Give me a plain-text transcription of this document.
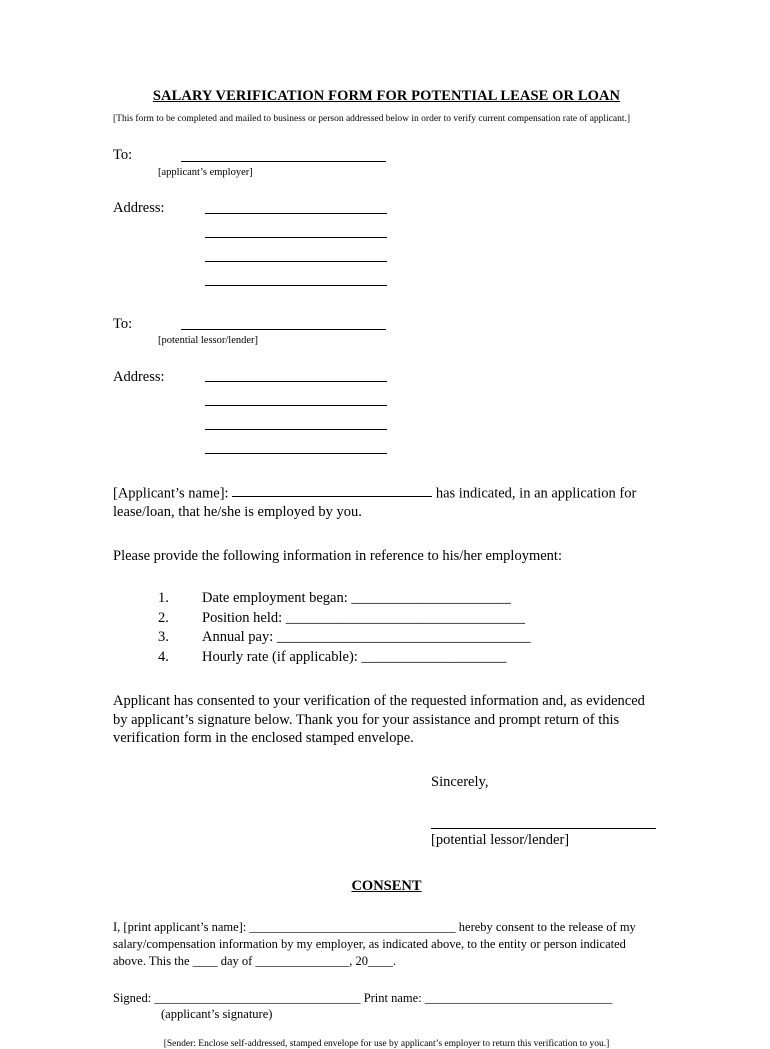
SALARY VERIFICATION FORM FOR POTENTIAL LEASE OR LOAN

[This form to be completed and mailed to business or person addressed below in order to verify current compensation rate of applicant.]

To:
[applicant’s employer]
Address:
To:
[potential lessor/lender]
Address:

[Applicant’s name]:	has indicated, in an application for lease/loan, that he/she is employed by you.

Please provide the following information in reference to his/her employment:

1.	Date employment began: ______________________
2.	Position held: _________________________________
3.	Annual pay: ___________________________________
4.	Hourly rate (if applicable): ____________________

Applicant has consented to your verification of the requested information and, as evidenced by applicant’s signature below. Thank you for your assistance and prompt return of this verification form in the enclosed stamped envelope.

Sincerely,

[potential lessor/lender]
CONSENT

I, [print applicant’s name]: _________________________________ hereby consent to the release of my

salary/compensation information by my employer, as indicated above, to the entity or person indicated

above. This the ____ day of _______________, 20____.

Signed: _________________________________ Print name: ______________________________

(applicant’s signature)

[Sender: Enclose self-addressed, stamped envelope for use by applicant’s employer to return this verification to you.]
